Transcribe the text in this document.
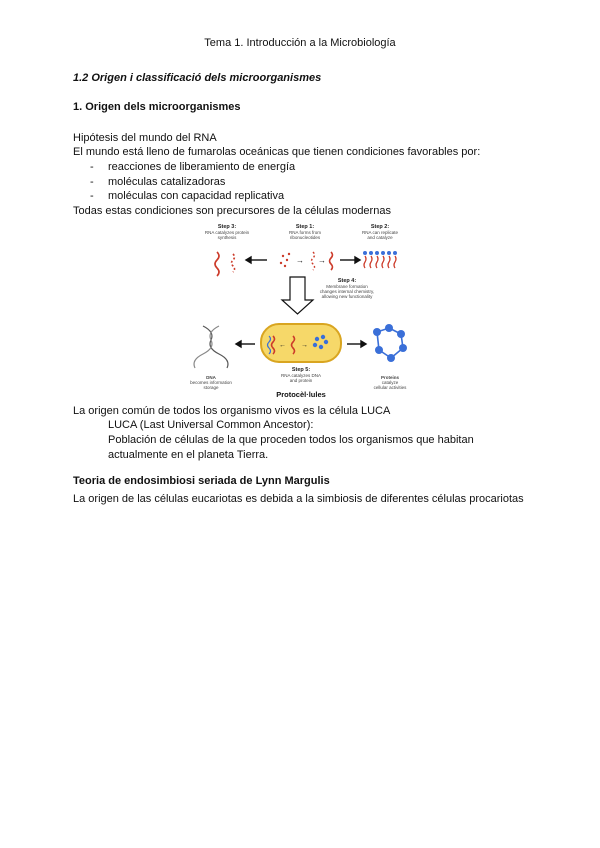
Tema 1. Introducción a la Microbiología
1.2 Origen i classificació dels microorganismes
1. Origen dels microorganismes
Hipótesis del mundo del RNA
El mundo está lleno de fumarolas oceánicas que tienen condiciones favorables por:
- reacciones de liberamiento de energía
- moléculas catalizadoras
- moléculas con capacidad replicativa
Todas estas condiciones son precursores de la células modernas
Step 3:
RNA catalyzes protein
synthesis
Step 1:
RNA forms from
ribonucleotides
Step 2:
RNA can replicate
and catalyze
→ →
Step 4:
Membrane formation
changes internal chemistry,
allowing new functionality
← →
DNA
becomes information
storage
Step 5:
RNA catalyzes DNA
and protein
Proteins
catalyze
cellular activities
Protocèl·lules
La origen común de todos los organismo vivos es la célula LUCA
LUCA (Last Universal Common Ancestor):
Población de células de la que proceden todos los organismos que habitan
actualmente en el planeta Tierra.
Teoria de endosimbiosi seriada de Lynn Margulis
La origen de las células eucariotas es debida a la simbiosis de diferentes células procariotas
